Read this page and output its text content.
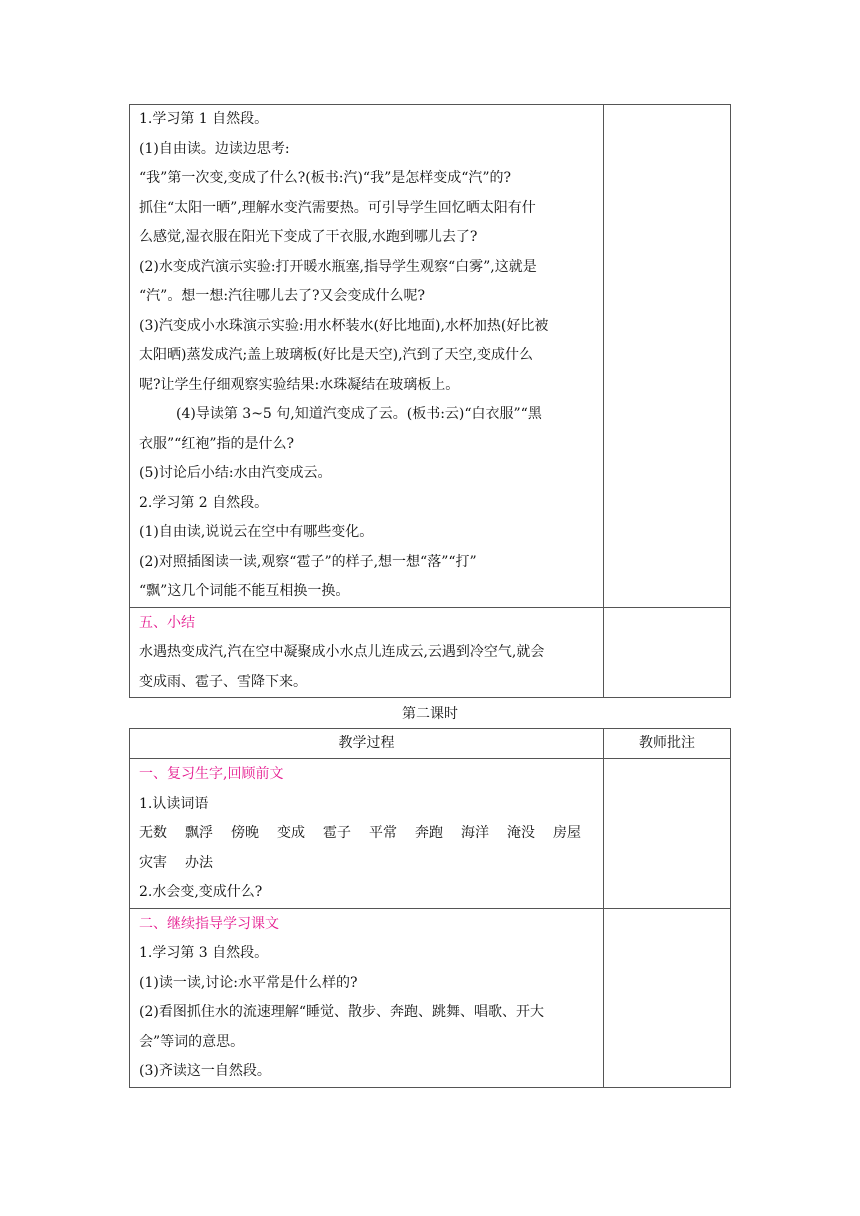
1.学习第 1 自然段。
(1)自由读。边读边思考:
“我”第一次变,变成了什么?(板书:汽)“我”是怎样变成“汽”的?
抓住“太阳一晒”,理解水变汽需要热。可引导学生回忆晒太阳有什
么感觉,湿衣服在阳光下变成了干衣服,水跑到哪儿去了?
(2)水变成汽演示实验:打开暖水瓶塞,指导学生观察“白雾”,这就是
“汽”。想一想:汽往哪儿去了?又会变成什么呢?
(3)汽变成小水珠演示实验:用水杯装水(好比地面),水杯加热(好比被
太阳晒)蒸发成汽;盖上玻璃板(好比是天空),汽到了天空,变成什么
呢?让学生仔细观察实验结果:水珠凝结在玻璃板上。
(4)导读第 3~5 句,知道汽变成了云。(板书:云)“白衣服”“黑
衣服”“红袍”指的是什么?
(5)讨论后小结:水由汽变成云。
2.学习第 2 自然段。
(1)自由读,说说云在空中有哪些变化。
(2)对照插图读一读,观察“雹子”的样子,想一想“落”“打”
“飘”这几个词能不能互相换一换。
五、小结
水遇热变成汽,汽在空中凝聚成小水点儿连成云,云遇到冷空气,就会
变成雨、雹子、雪降下来。
第二课时
教学过程	教师批注
一、复习生字,回顾前文
1.认读词语
无数 飘浮 傍晚 变成 雹子 平常 奔跑 海洋 淹没 房屋
灾害 办法
2.水会变,变成什么?
二、继续指导学习课文
1.学习第 3 自然段。
(1)读一读,讨论:水平常是什么样的?
(2)看图抓住水的流速理解“睡觉、散步、奔跑、跳舞、唱歌、开大
会”等词的意思。
(3)齐读这一自然段。
